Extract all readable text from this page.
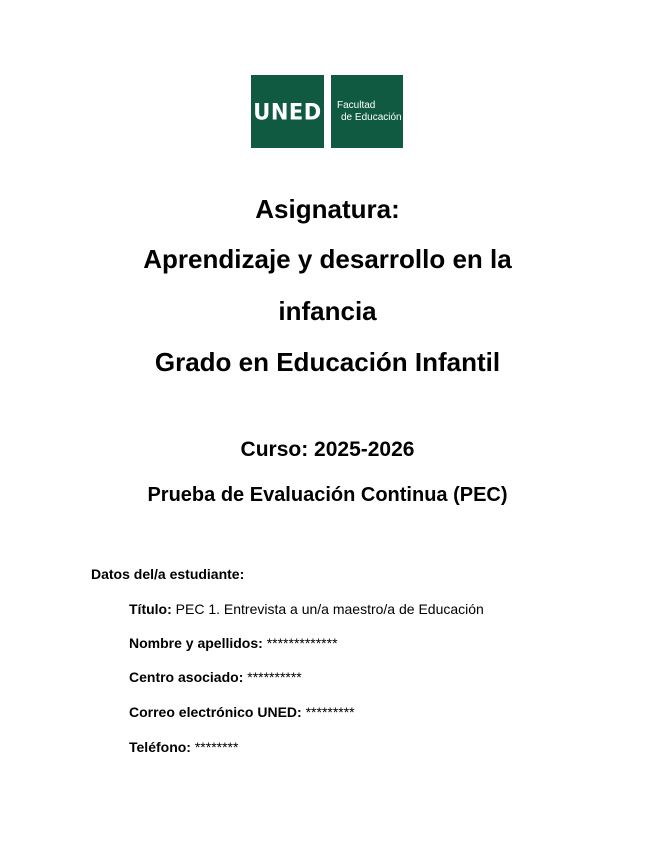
UNED Facultad
de Educación
Asignatura:
Aprendizaje y desarrollo en la
infancia
Grado en Educación Infantil

Curso: 2025-2026

Prueba de Evaluación Continua (PEC)

Datos del/a estudiante:

Título: PEC 1. Entrevista a un/a maestro/a de Educación

Nombre y apellidos: *************

Centro asociado: **********

Correo electrónico UNED: *********

Teléfono: ********
